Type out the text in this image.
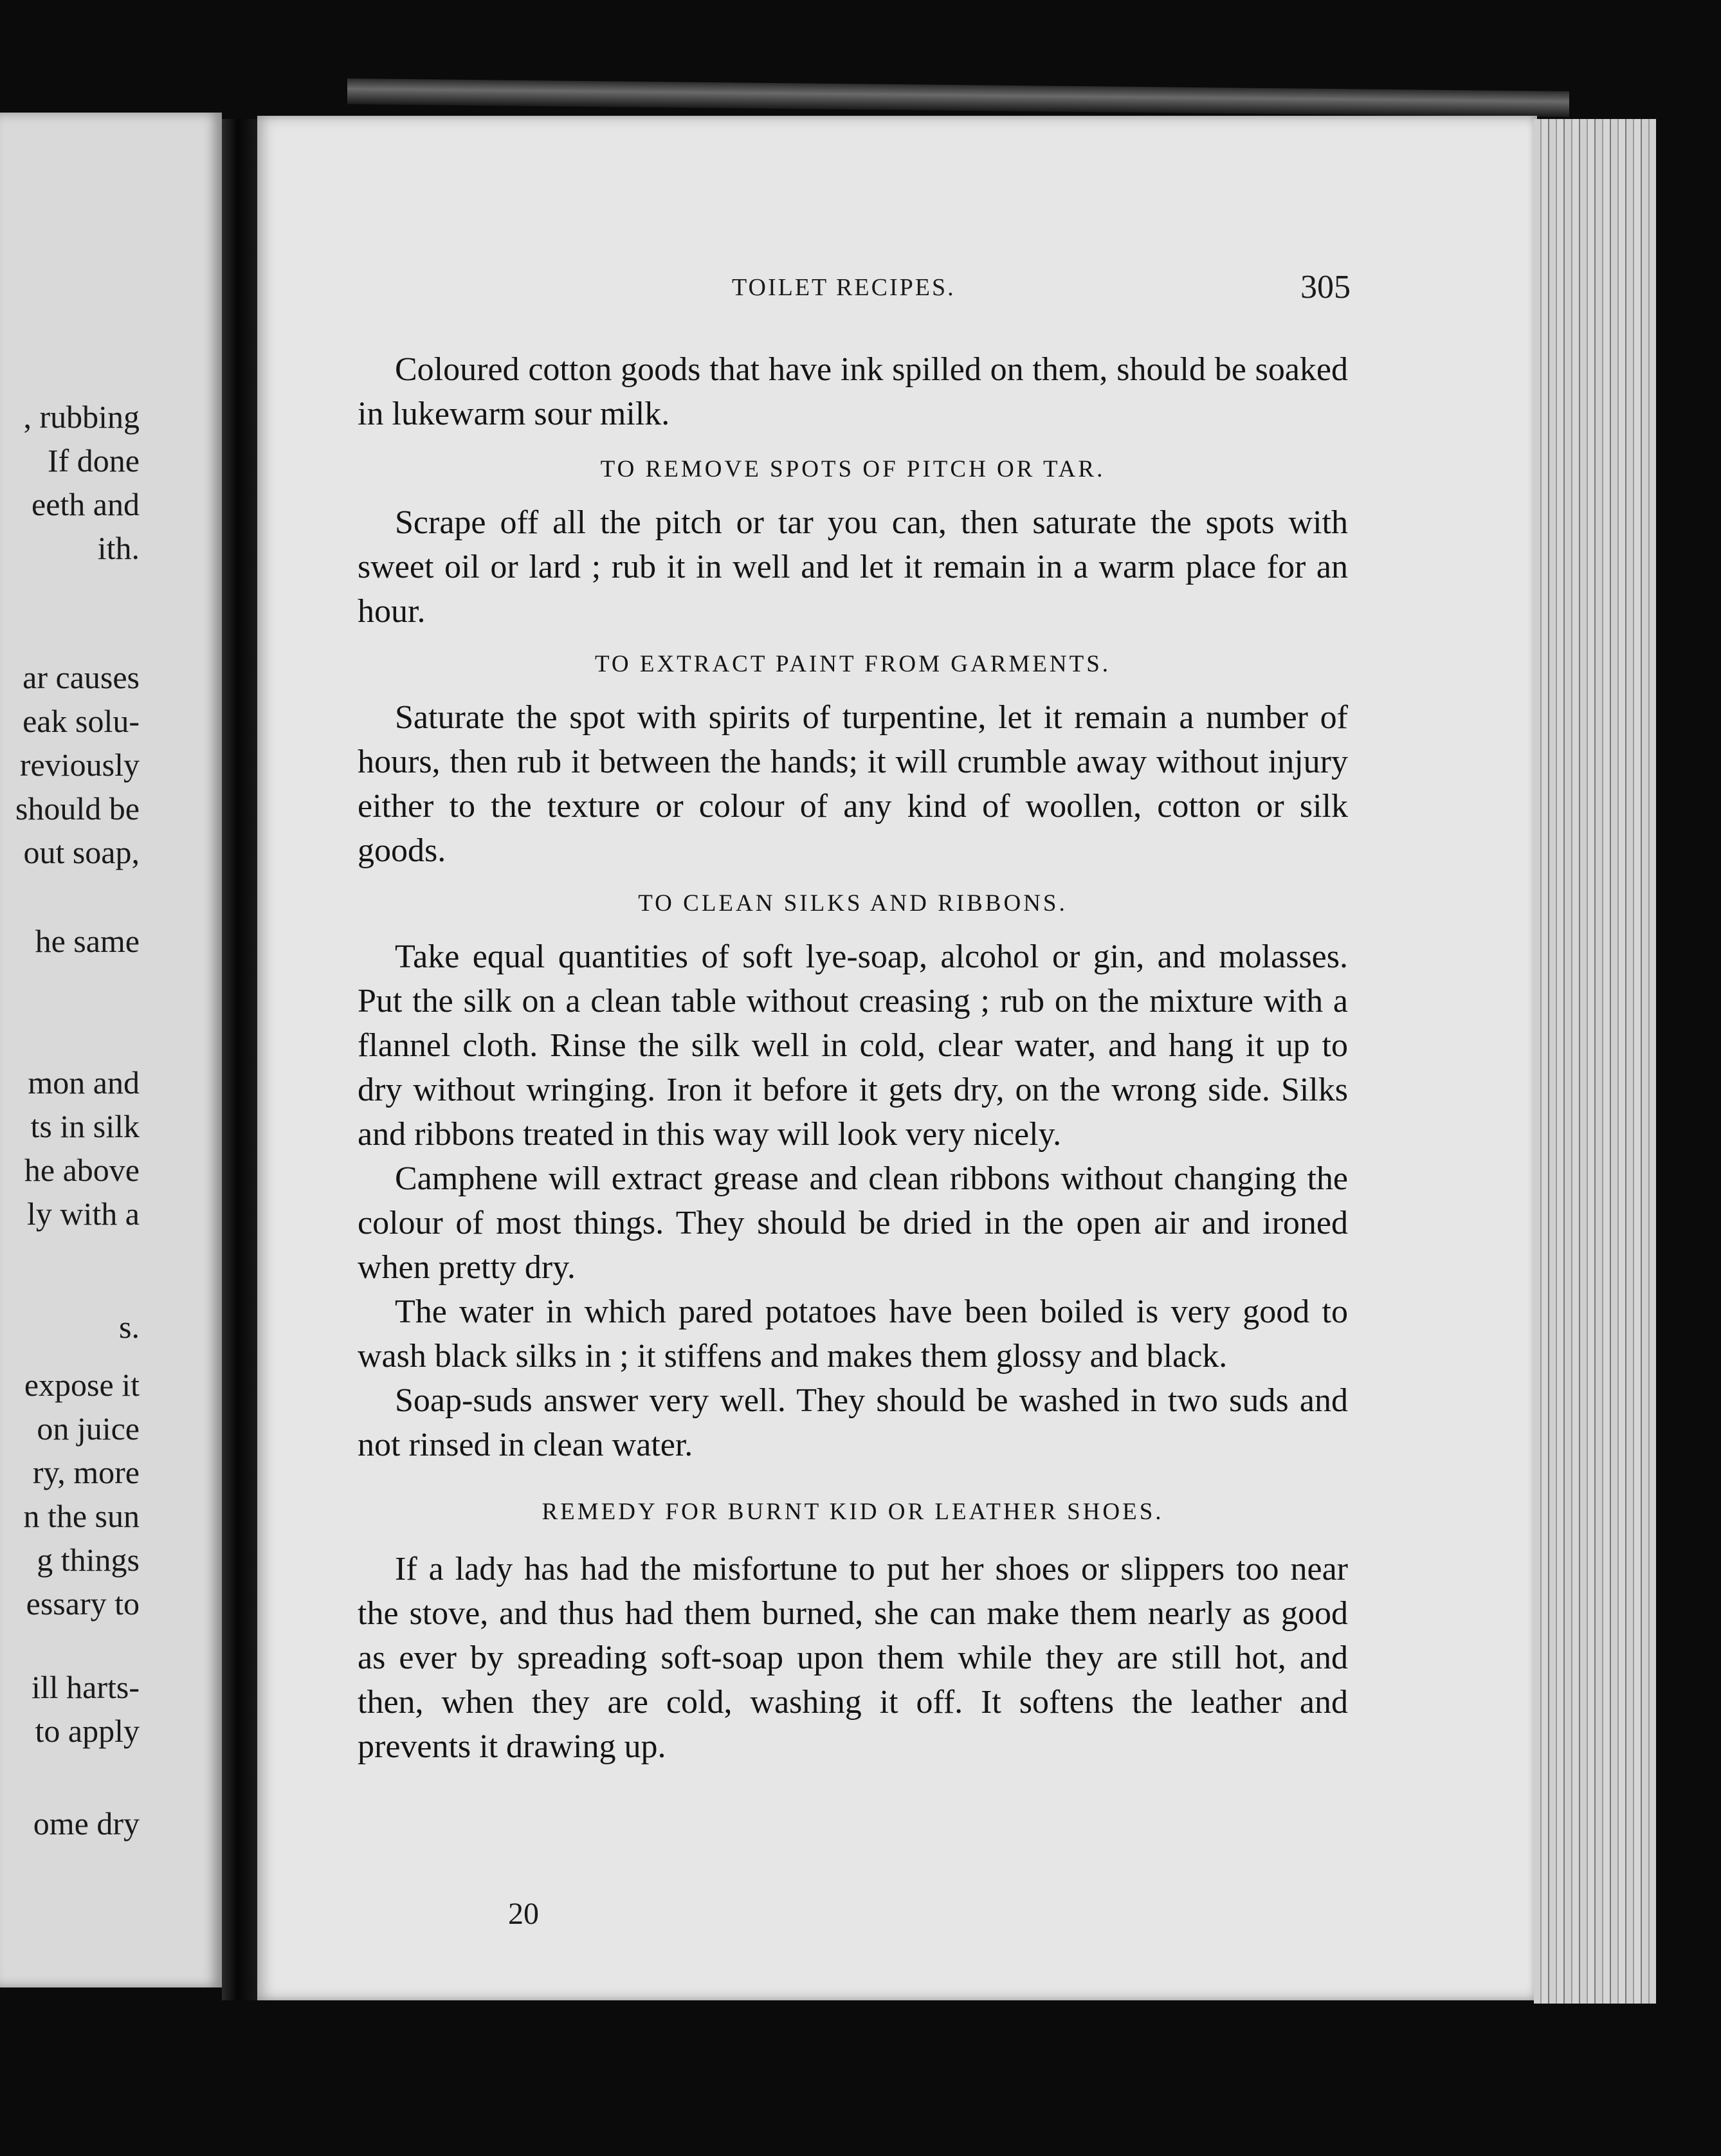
, rubbing
If done
eeth and
ith.
ar causes
eak solu-
reviously
should be
out soap,
he same
mon and
ts in silk
he above
ly with a
s.
expose it
on juice
ry, more
n the sun
g things
essary to
ill harts-
to apply
ome dry
TOILET RECIPES.	305

Coloured cotton goods that have ink spilled on them, should be soaked in lukewarm sour milk.

TO REMOVE SPOTS OF PITCH OR TAR.

Scrape off all the pitch or tar you can, then saturate the spots with sweet oil or lard ; rub it in well and let it remain in a warm place for an hour.

TO EXTRACT PAINT FROM GARMENTS.

Saturate the spot with spirits of turpentine, let it remain a number of hours, then rub it between the hands; it will crumble away without injury either to the texture or colour of any kind of woollen, cotton or silk goods.

TO CLEAN SILKS AND RIBBONS.

Take equal quantities of soft lye-soap, alcohol or gin, and molasses. Put the silk on a clean table without creasing ; rub on the mixture with a flannel cloth. Rinse the silk well in cold, clear water, and hang it up to dry without wringing. Iron it before it gets dry, on the wrong side. Silks and ribbons treated in this way will look very nicely.

Camphene will extract grease and clean ribbons without changing the colour of most things. They should be dried in the open air and ironed when pretty dry.

The water in which pared potatoes have been boiled is very good to wash black silks in ; it stiffens and makes them glossy and black.

Soap-suds answer very well. They should be washed in two suds and not rinsed in clean water.

REMEDY FOR BURNT KID OR LEATHER SHOES.

If a lady has had the misfortune to put her shoes or slippers too near the stove, and thus had them burned, she can make them nearly as good as ever by spreading soft-soap upon them while they are still hot, and then, when they are cold, washing it off. It softens the leather and prevents it drawing up.

20
